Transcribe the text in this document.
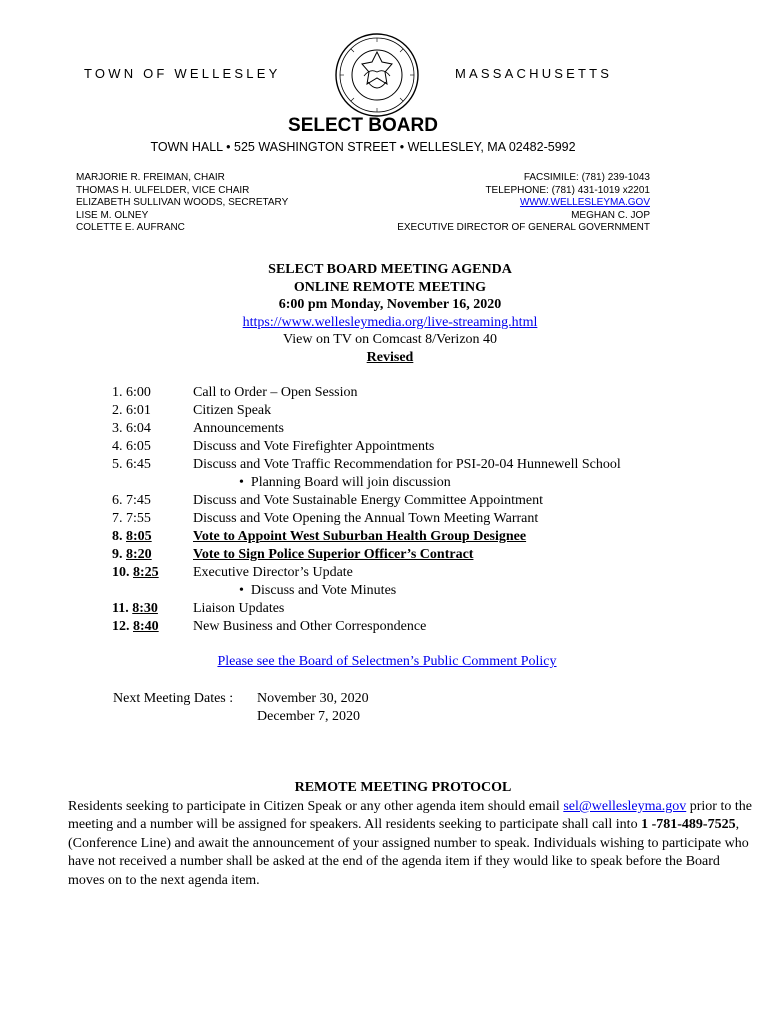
TOWN OF WELLESLEY	MASSACHUSETTS
SELECT BOARD
TOWN HALL • 525 WASHINGTON STREET • WELLESLEY, MA 02482-5992
MARJORIE R. FREIMAN, CHAIR
THOMAS H. ULFELDER, VICE CHAIR
ELIZABETH SULLIVAN WOODS, SECRETARY
LISE M. OLNEY
COLETTE E. AUFRANC
FACSIMILE: (781) 239-1043
TELEPHONE: (781) 431-1019 x2201
WWW.WELLESLEYMA.GOV
MEGHAN C. JOP
EXECUTIVE DIRECTOR OF GENERAL GOVERNMENT
SELECT BOARD MEETING AGENDA
ONLINE REMOTE MEETING
6:00 pm Monday, November 16, 2020
https://www.wellesleymedia.org/live-streaming.html
View on TV on Comcast 8/Verizon 40
Revised
1. 6:00	Call to Order – Open Session
2. 6:01	Citizen Speak
3. 6:04	Announcements
4. 6:05	Discuss and Vote Firefighter Appointments
5. 6:45	Discuss and Vote Traffic Recommendation for PSI-20-04 Hunnewell School
• Planning Board will join discussion
6. 7:45	Discuss and Vote Sustainable Energy Committee Appointment
7. 7:55	Discuss and Vote Opening the Annual Town Meeting Warrant
8. 8:05	Vote to Appoint West Suburban Health Group Designee
9. 8:20	Vote to Sign Police Superior Officer’s Contract
10. 8:25	Executive Director’s Update
• Discuss and Vote Minutes
11. 8:30	Liaison Updates
12. 8:40	New Business and Other Correspondence
Please see the Board of Selectmen’s Public Comment Policy
Next Meeting Dates : November 30, 2020
December 7, 2020
REMOTE MEETING PROTOCOL
Residents seeking to participate in Citizen Speak or any other agenda item should email sel@wellesleyma.gov prior to the meeting and a number will be assigned for speakers. All residents seeking to participate shall call into 1 -781-489-7525, (Conference Line) and await the announcement of your assigned number to speak. Individuals wishing to participate who have not received a number shall be asked at the end of the agenda item if they would like to speak before the Board moves on to the next agenda item.
